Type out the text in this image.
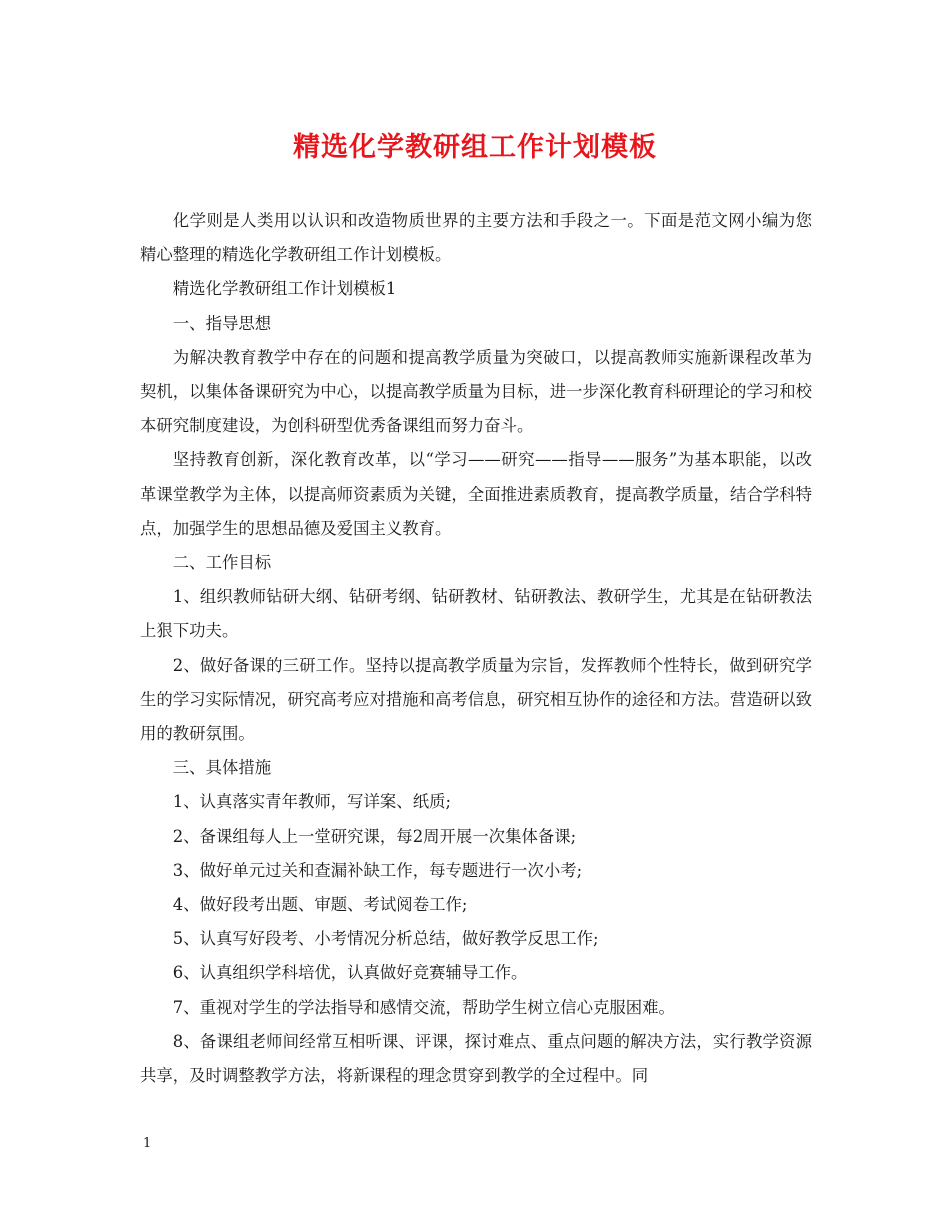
精选化学教研组工作计划模板

化学则是人类用以认识和改造物质世界的主要方法和手段之一。下面是范文网小编为您精心整理的精选化学教研组工作计划模板。

精选化学教研组工作计划模板1

一、指导思想

为解决教育教学中存在的问题和提高教学质量为突破口，以提高教师实施新课程改革为契机，以集体备课研究为中心，以提高教学质量为目标，进一步深化教育科研理论的学习和校本研究制度建设，为创科研型优秀备课组而努力奋斗。

坚持教育创新，深化教育改革，以“学习——研究——指导——服务”为基本职能，以改革课堂教学为主体，以提高师资素质为关键，全面推进素质教育，提高教学质量，结合学科特点，加强学生的思想品德及爱国主义教育。

二、工作目标

1、组织教师钻研大纲、钻研考纲、钻研教材、钻研教法、教研学生，尤其是在钻研教法上狠下功夫。

2、做好备课的三研工作。坚持以提高教学质量为宗旨，发挥教师个性特长，做到研究学生的学习实际情况，研究高考应对措施和高考信息，研究相互协作的途径和方法。营造研以致用的教研氛围。

三、具体措施

1、认真落实青年教师，写详案、纸质;

2、备课组每人上一堂研究课，每2周开展一次集体备课;

3、做好单元过关和查漏补缺工作，每专题进行一次小考;

4、做好段考出题、审题、考试阅卷工作;

5、认真写好段考、小考情况分析总结，做好教学反思工作;

6、认真组织学科培优，认真做好竞赛辅导工作。

7、重视对学生的学法指导和感情交流，帮助学生树立信心克服困难。

8、备课组老师间经常互相听课、评课，探讨难点、重点问题的解决方法，实行教学资源共享，及时调整教学方法，将新课程的理念贯穿到教学的全过程中。同

1
